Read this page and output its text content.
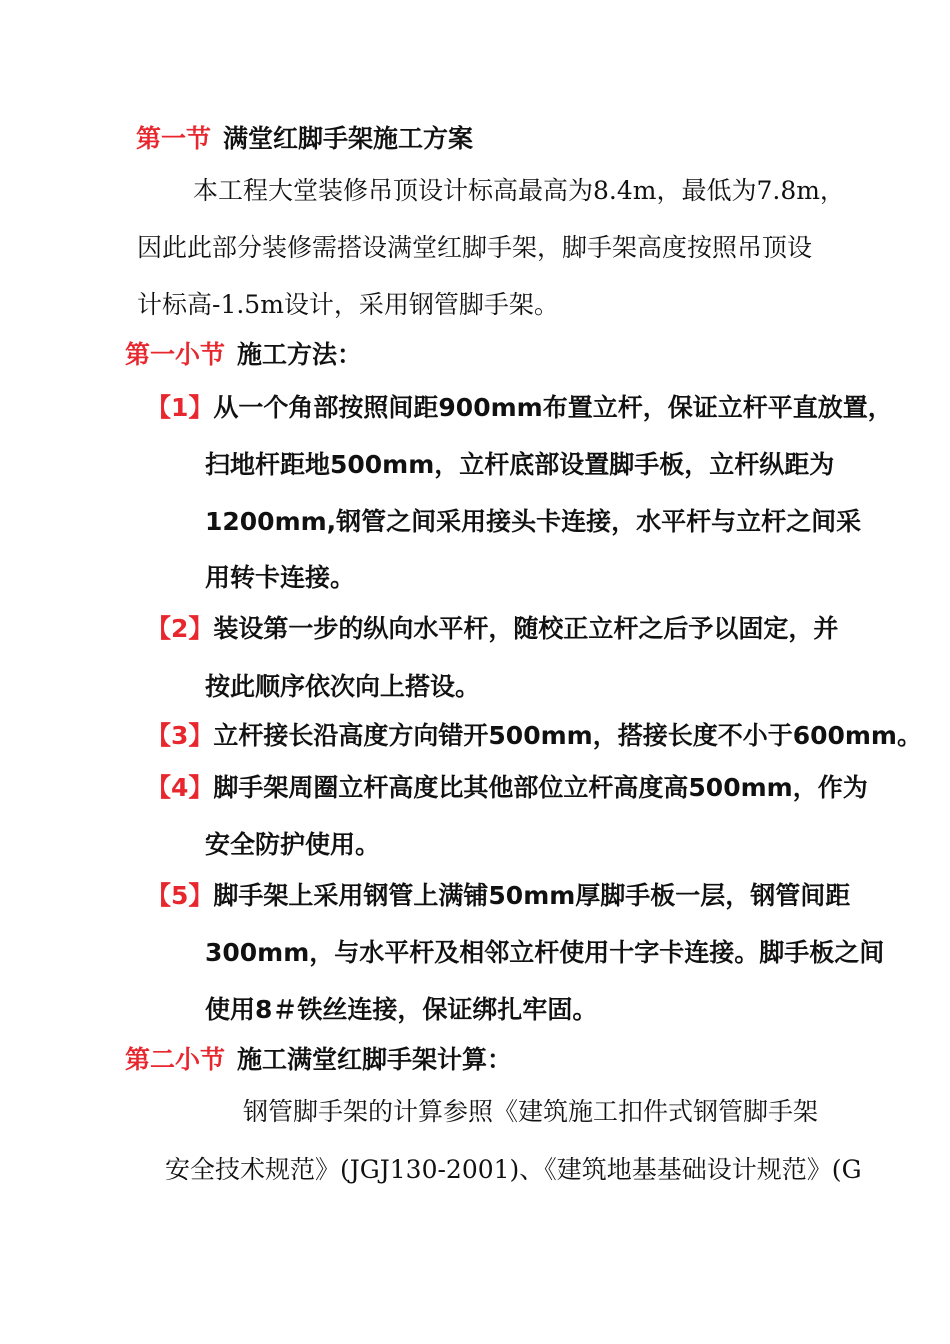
第一节 满堂红脚手架施工方案
本工程大堂装修吊顶设计标高最高为8.4m，最低为7.8m，
因此此部分装修需搭设满堂红脚手架，脚手架高度按照吊顶设
计标高-1.5m设计，采用钢管脚手架。
第一小节 施工方法：
【1】从一个角部按照间距900mm布置立杆，保证立杆平直放置，
扫地杆距地500mm，立杆底部设置脚手板，立杆纵距为
1200mm,钢管之间采用接头卡连接，水平杆与立杆之间采
用转卡连接。
【2】装设第一步的纵向水平杆，随校正立杆之后予以固定，并
按此顺序依次向上搭设。
【3】立杆接长沿高度方向错开500mm，搭接长度不小于600mm。
【4】脚手架周圈立杆高度比其他部位立杆高度高500mm，作为
安全防护使用。
【5】脚手架上采用钢管上满铺50mm厚脚手板一层，钢管间距
300mm，与水平杆及相邻立杆使用十字卡连接。脚手板之间
使用8＃铁丝连接，保证绑扎牢固。
第二小节 施工满堂红脚手架计算：
钢管脚手架的计算参照《建筑施工扣件式钢管脚手架
安全技术规范》(JGJ130-2001)、《建筑地基基础设计规范》(G
